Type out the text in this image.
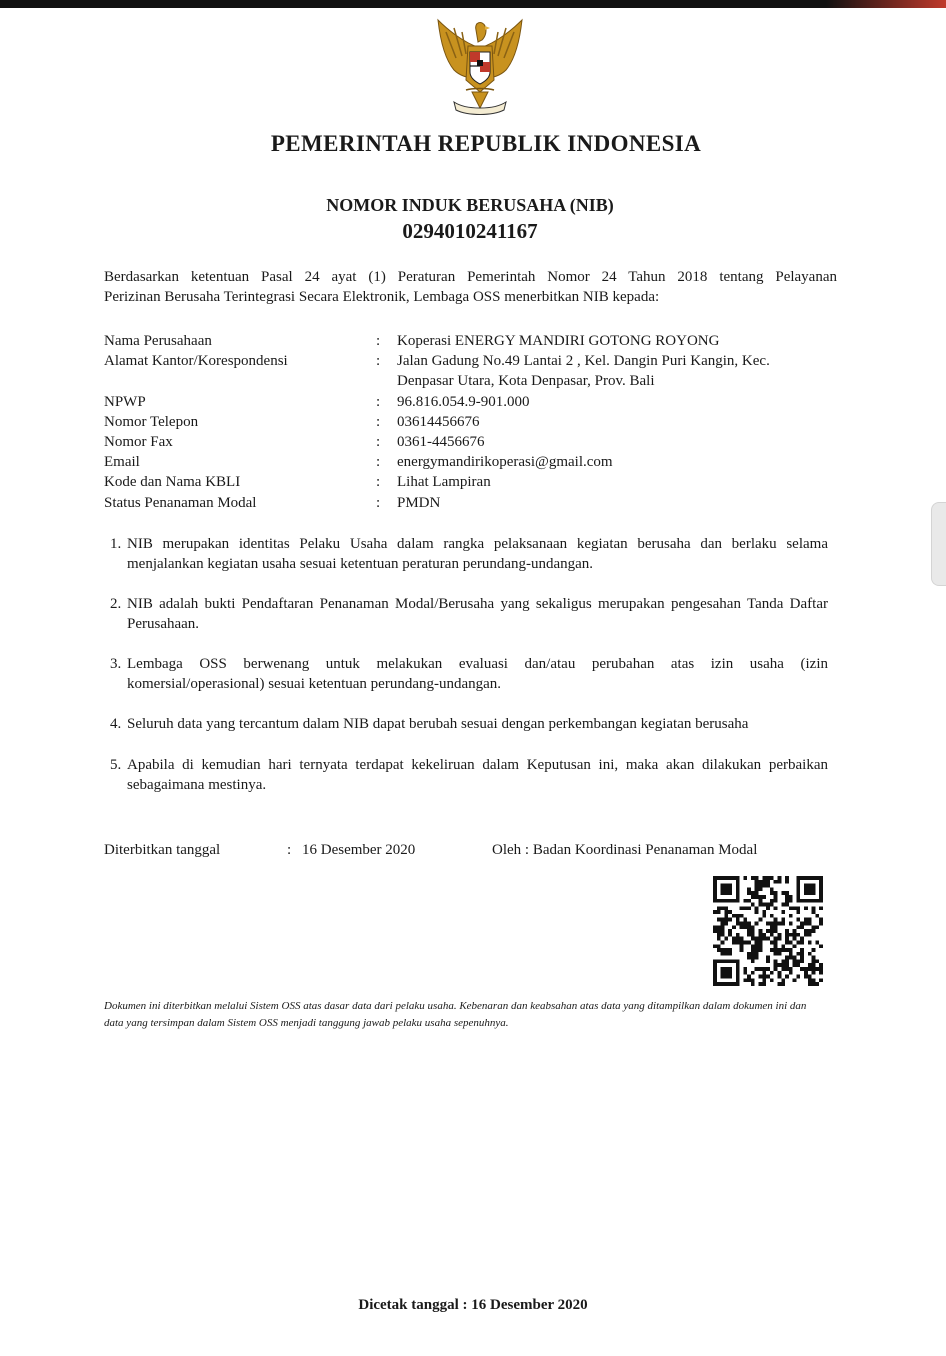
PEMERINTAH REPUBLIK INDONESIA
NOMOR INDUK BERUSAHA (NIB)
0294010241167
Berdasarkan ketentuan Pasal 24 ayat (1) Peraturan Pemerintah Nomor 24 Tahun 2018 tentang Pelayanan
Perizinan Berusaha Terintegrasi Secara Elektronik, Lembaga OSS menerbitkan NIB kepada:
Nama Perusahaan	: Koperasi ENERGY MANDIRI GOTONG ROYONG
Alamat Kantor/Korespondensi	: Jalan Gadung No.49 Lantai 2 , Kel. Dangin Puri Kangin, Kec. Denpasar Utara, Kota Denpasar, Prov. Bali
NPWP	: 96.816.054.9-901.000
Nomor Telepon	: 03614456676
Nomor Fax	: 0361-4456676
Email	: energymandirikoperasi@gmail.com
Kode dan Nama KBLI	: Lihat Lampiran
Status Penanaman Modal	: PMDN
1. NIB merupakan identitas Pelaku Usaha dalam rangka pelaksanaan kegiatan berusaha dan berlaku selama menjalankan kegiatan usaha sesuai ketentuan peraturan perundang-undangan.
2. NIB adalah bukti Pendaftaran Penanaman Modal/Berusaha yang sekaligus merupakan pengesahan Tanda Daftar Perusahaan.
3. Lembaga OSS berwenang untuk melakukan evaluasi dan/atau perubahan atas izin usaha (izin komersial/operasional) sesuai ketentuan perundang-undangan.
4. Seluruh data yang tercantum dalam NIB dapat berubah sesuai dengan perkembangan kegiatan berusaha
5. Apabila di kemudian hari ternyata terdapat kekeliruan dalam Keputusan ini, maka akan dilakukan perbaikan sebagaimana mestinya.
Diterbitkan tanggal	: 16 Desember 2020	Oleh : Badan Koordinasi Penanaman Modal
Dokumen ini diterbitkan melalui Sistem OSS atas dasar data dari pelaku usaha. Kebenaran dan keabsahan atas data yang ditampilkan dalam dokumen ini dan data yang tersimpan dalam Sistem OSS menjadi tanggung jawab pelaku usaha sepenuhnya.
Dicetak tanggal : 16 Desember 2020
